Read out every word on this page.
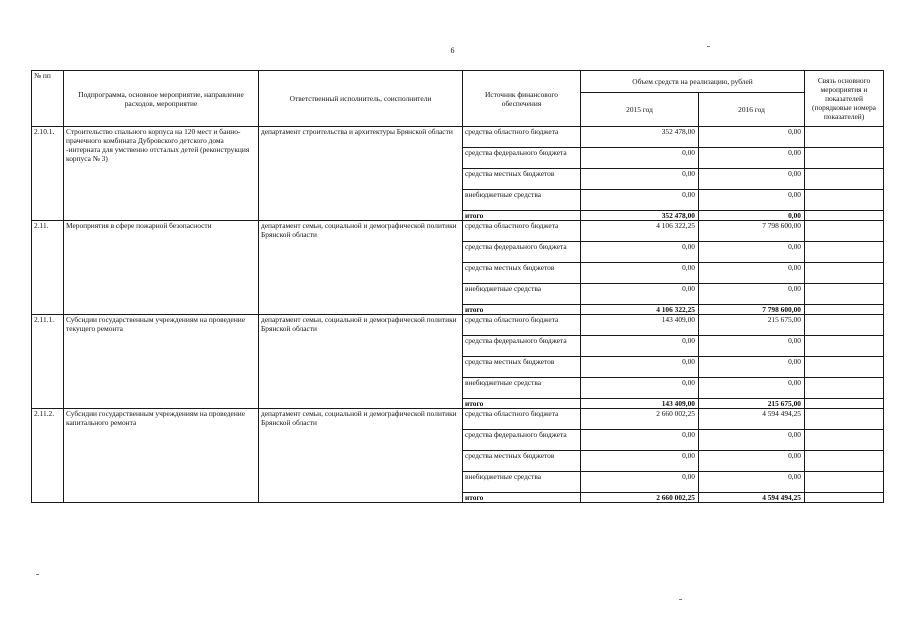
6
№ пп	Подпрограмма, основное мероприятие, направление расходов, мероприятие	Ответственный исполнитель, соисполнители	Источник финансового обеспечения	Объем средств на реализацию, рублей		Связь основного мероприятия и показателей (порядковые номера показателей)
				2015 год	2016 год	
2.10.1.	Строительство спального корпуса на 120 мест и банно-прачечного комбината Дубровского детского дома -интерната для умственно отсталых детей (реконструкция корпуса № 3)	департамент строительства и архитектуры Брянской области	средства областного бюджета	352 478,00	0,00	
			средства федерального бюджета	0,00	0,00	
			средства местных бюджетов	0,00	0,00	
			внебюджетные средства	0,00	0,00	
			итого	352 478,00	0,00	
2.11.	Мероприятия в сфере пожарной безопасности	департамент семьи, социальной и демографической политики Брянской области	средства областного бюджета	4 106 322,25	7 798 600,00	
			средства федерального бюджета	0,00	0,00	
			средства местных бюджетов	0,00	0,00	
			внебюджетные средства	0,00	0,00	
			итого	4 106 322,25	7 798 600,00	
2.11.1.	Субсидии государственным учреждениям на проведение текущего ремонта	департамент семьи, социальной и демографической политики Брянской области	средства областного бюджета	143 409,00	215 675,00	
			средства федерального бюджета	0,00	0,00	
			средства местных бюджетов	0,00	0,00	
			внебюджетные средства	0,00	0,00	
			итого	143 409,00	215 675,00	
2.11.2.	Субсидии государственным учреждениям на проведение капитального ремонта	департамент семьи, социальной и демографической политики Брянской области	средства областного бюджета	2 660 002,25	4 594 494,25	
			средства федерального бюджета	0,00	0,00	
			средства местных бюджетов	0,00	0,00	
			внебюджетные средства	0,00	0,00	
			итого	2 660 002,25	4 594 494,25	
